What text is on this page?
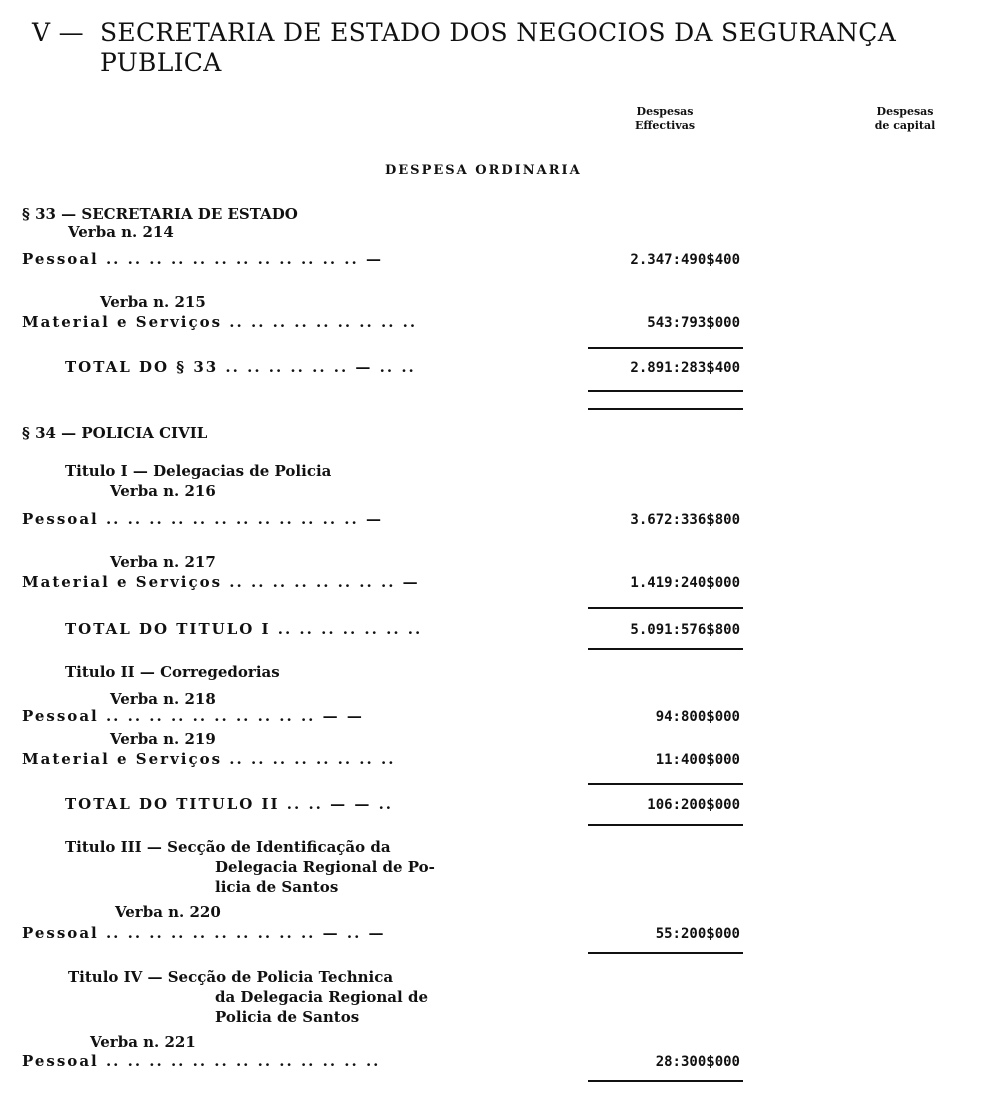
V — SECRETARIA DE ESTADO DOS NEGOCIOS DA SEGURANÇA
PUBLICA
Despesas
Effectivas
Despesas
de capital
DESPESA ORDINARIA
§ 33 — SECRETARIA DE ESTADO
Verba n. 214
Pessoal .. .. .. .. .. .. .. .. .. .. .. .. —	2.347:490$400
Verba n. 215
Material e Serviços .. .. .. .. .. .. .. .. ..	543:793$000
TOTAL DO § 33 .. .. .. .. .. .. — .. ..	2.891:283$400
§ 34 — POLICIA CIVIL
Titulo I — Delegacias de Policia
Verba n. 216
Pessoal .. .. .. .. .. .. .. .. .. .. .. .. —	3.672:336$800
Verba n. 217
Material e Serviços .. .. .. .. .. .. .. .. —	1.419:240$000
TOTAL DO TITULO I .. .. .. .. .. .. ..	5.091:576$800
Titulo II — Corregedorias
Verba n. 218
Pessoal .. .. .. .. .. .. .. .. .. .. — —	94:800$000
Verba n. 219
Material e Serviços .. .. .. .. .. .. .. ..	11:400$000
TOTAL DO TITULO II .. .. — — ..	106:200$000
Titulo III — Secção de Identificação da
Delegacia Regional de Po-
licia de Santos
Verba n. 220
Pessoal .. .. .. .. .. .. .. .. .. .. — .. —	55:200$000
Titulo IV — Secção de Policia Technica
da Delegacia Regional de
Policia de Santos
Verba n. 221
Pessoal .. .. .. .. .. .. .. .. .. .. .. .. ..	28:300$000
